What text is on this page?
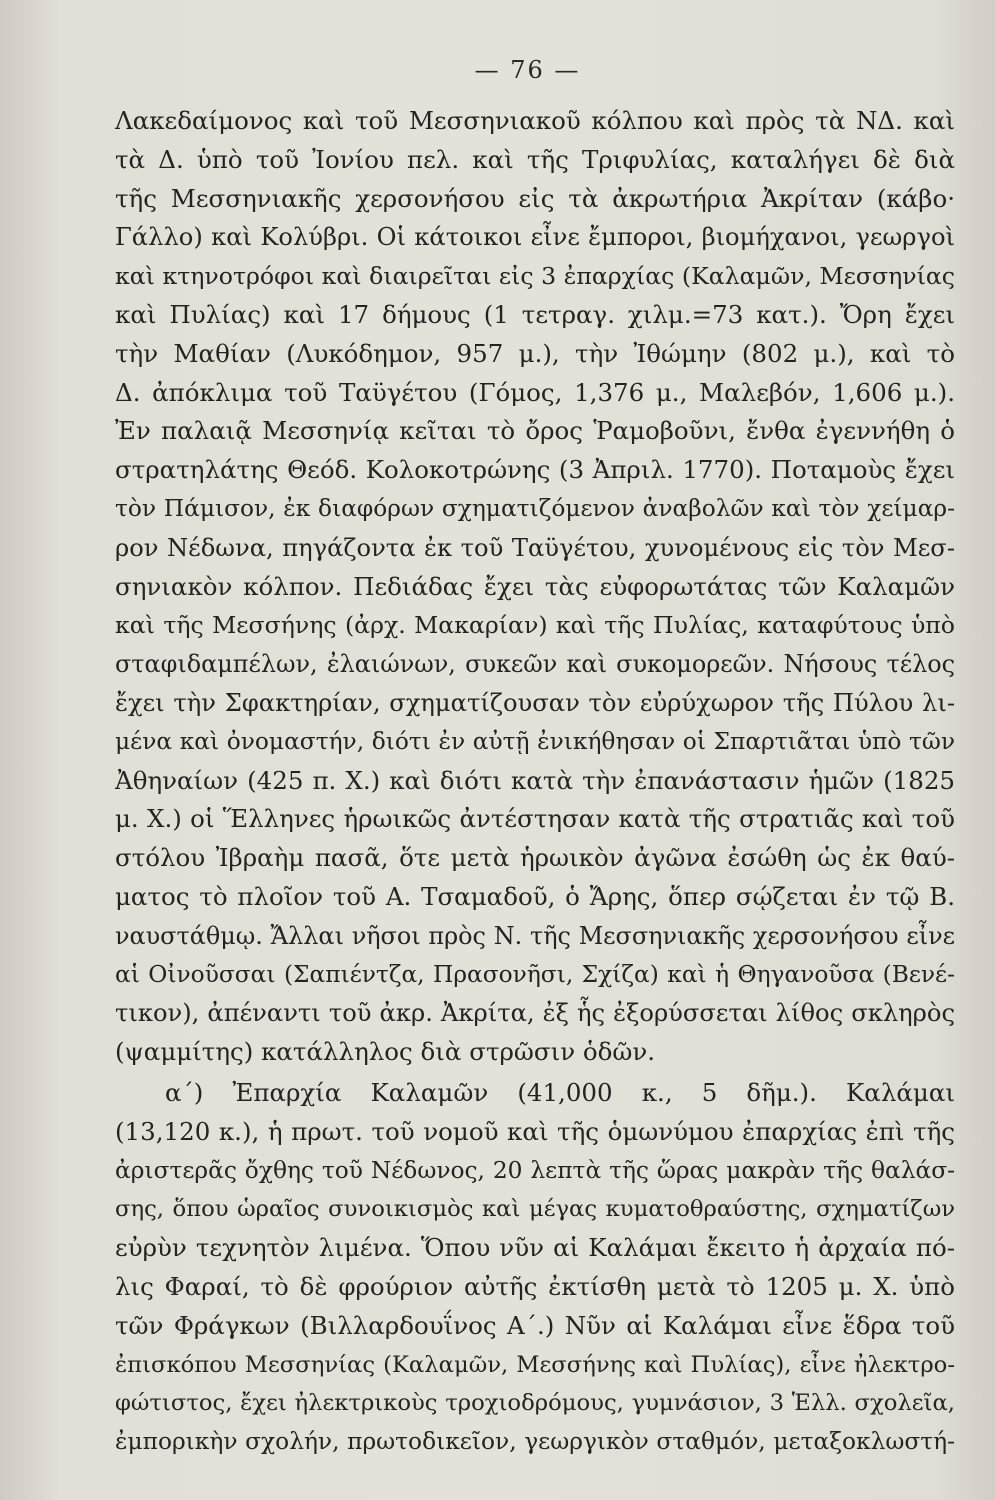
— 76 —
Λακεδαίμονος καὶ τοῦ Μεσσηνιακοῦ κόλπου καὶ πρὸς τὰ ΝΔ. καὶ
τὰ Δ. ὑπὸ τοῦ Ἰονίου πελ. καὶ τῆς Τριφυλίας, καταλήγει δὲ διὰ
τῆς Μεσσηνιακῆς χερσονήσου εἰς τὰ ἀκρωτήρια Ἀκρίταν (κάβο·
Γάλλο) καὶ Κολύβρι. Οἱ κάτοικοι εἶνε ἔμποροι, βιομήχανοι, γεωργοὶ
καὶ κτηνοτρόφοι καὶ διαιρεῖται εἰς 3 ἐπαρχίας (Καλαμῶν, Μεσσηνίας
καὶ Πυλίας) καὶ 17 δήμους (1 τετραγ. χιλμ.=73 κατ.). Ὄρη ἔχει
τὴν Μαθίαν (Λυκόδημον, 957 μ.), τὴν Ἰθώμην (802 μ.), καὶ τὸ
Δ. ἀπόκλιμα τοῦ Ταϋγέτου (Γόμος, 1,376 μ., Μαλεβόν, 1,606 μ.).
Ἐν παλαιᾷ Μεσσηνίᾳ κεῖται τὸ ὄρος Ῥαμοβοῦνι, ἔνθα ἐγεννήθη ὁ
στρατηλάτης Θεόδ. Κολοκοτρώνης (3 Ἀπριλ. 1770). Ποταμοὺς ἔχει
τὸν Πάμισον, ἐκ διαφόρων σχηματιζόμενον ἀναβολῶν καὶ τὸν χείμαρ-
ρον Νέδωνα, πηγάζοντα ἐκ τοῦ Ταϋγέτου, χυνομένους εἰς τὸν Μεσ-
σηνιακὸν κόλπον. Πεδιάδας ἔχει τὰς εὐφορωτάτας τῶν Καλαμῶν
καὶ τῆς Μεσσήνης (ἀρχ. Μακαρίαν) καὶ τῆς Πυλίας, καταφύτους ὑπὸ
σταφιδαμπέλων, ἐλαιώνων, συκεῶν καὶ συκομορεῶν. Νήσους τέλος
ἔχει τὴν Σφακτηρίαν, σχηματίζουσαν τὸν εὐρύχωρον τῆς Πύλου λι-
μένα καὶ ὀνομαστήν, διότι ἐν αὐτῇ ἐνικήθησαν οἱ Σπαρτιᾶται ὑπὸ τῶν
Ἀθηναίων (425 π. Χ.) καὶ διότι κατὰ τὴν ἐπανάστασιν ἡμῶν (1825
μ. Χ.) οἱ Ἕλληνες ἡρωικῶς ἀντέστησαν κατὰ τῆς στρατιᾶς καὶ τοῦ
στόλου Ἰβραὴμ πασᾶ, ὅτε μετὰ ἡρωικὸν ἀγῶνα ἐσώθη ὡς ἐκ θαύ-
ματος τὸ πλοῖον τοῦ Α. Τσαμαδοῦ, ὁ Ἄρης, ὅπερ σῴζεται ἐν τῷ Β.
ναυστάθμῳ. Ἄλλαι νῆσοι πρὸς Ν. τῆς Μεσσηνιακῆς χερσονήσου εἶνε
αἱ Οἰνοῦσσαι (Σαπιέντζα, Πρασονῆσι, Σχίζα) καὶ ἡ Θηγανοῦσα (Βενέ-
τικον), ἀπέναντι τοῦ ἀκρ. Ἀκρίτα, ἐξ ἧς ἐξορύσσεται λίθος σκληρὸς
(ψαμμίτης) κατάλληλος διὰ στρῶσιν ὁδῶν.
α΄) Ἐπαρχία Καλαμῶν (41,000 κ., 5 δῆμ.). Καλάμαι
(13,120 κ.), ἡ πρωτ. τοῦ νομοῦ καὶ τῆς ὁμωνύμου ἐπαρχίας ἐπὶ τῆς
ἀριστερᾶς ὄχθης τοῦ Νέδωνος, 20 λεπτὰ τῆς ὥρας μακρὰν τῆς θαλάσ-
σης, ὅπου ὡραῖος συνοικισμὸς καὶ μέγας κυματοθραύστης, σχηματίζων
εὐρὺν τεχνητὸν λιμένα. Ὅπου νῦν αἱ Καλάμαι ἔκειτο ἡ ἀρχαία πό-
λις Φαραί, τὸ δὲ φρούριον αὐτῆς ἐκτίσθη μετὰ τὸ 1205 μ. Χ. ὑπὸ
τῶν Φράγκων (Βιλλαρδουΐνος Α΄.) Νῦν αἱ Καλάμαι εἶνε ἕδρα τοῦ
ἐπισκόπου Μεσσηνίας (Καλαμῶν, Μεσσήνης καὶ Πυλίας), εἶνε ἠλεκτρο-
φώτιστος, ἔχει ἠλεκτρικοὺς τροχιοδρόμους, γυμνάσιον, 3 Ἑλλ. σχολεῖα,
ἐμπορικὴν σχολήν, πρωτοδικεῖον, γεωργικὸν σταθμόν, μεταξοκλωστή-
